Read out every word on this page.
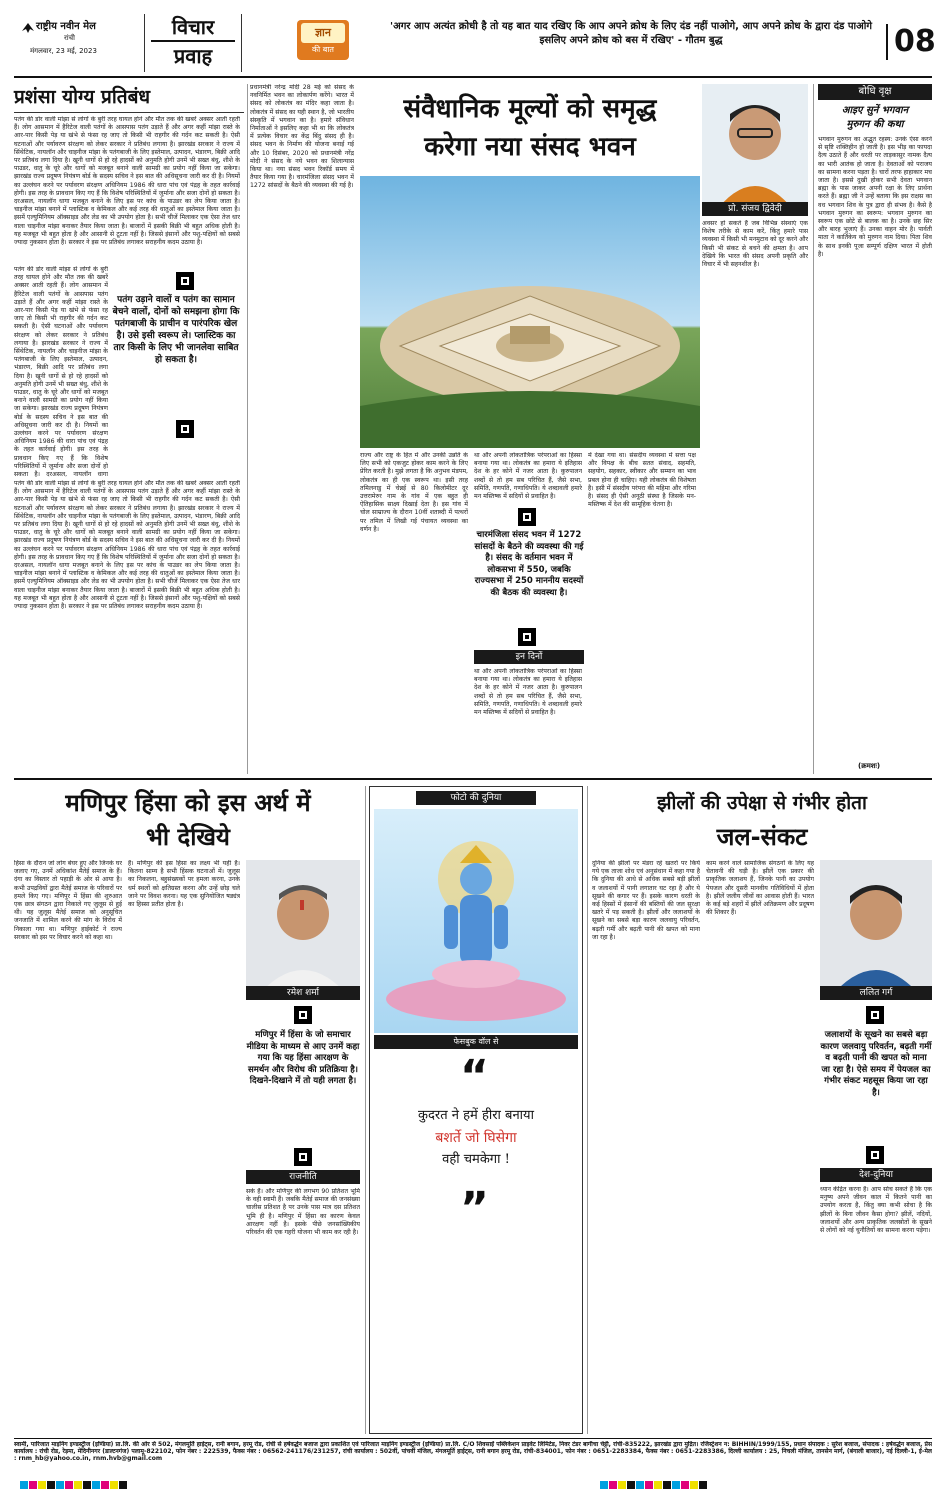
राष्ट्रीय नवीन मेल
रांची
मंगलवार, 23 मई, 2023
विचार
प्रवाह
ज्ञान
की बात
'अगर आप अत्यंत क्रोधी है तो यह बात याद रखिए कि आप अपने क्रोध के लिए दंड नहीं पाओगे, आप अपने क्रोध के द्वारा दंड पाओगे इसलिए अपने क्रोध को बस में रखिए' - गौतम बुद्ध	08
प्रशंसा योग्य प्रतिबंध
पतंग की डोर वाली मांझा से लोगों के बुरी तरह घायल होने और मौत तक की खबरें अक्सर आती रहती हैं। लोग आसमान में हैरिटेज वाली पतंगों के आसपास पतंग उड़ाते हैं और अगर कहीं मांझा रास्ते के आर-पार किसी पेड़ या खंभे से फंसा रह जाए तो किसी भी राहगीर की गर्दन कट सकती है। ऐसी घटनाओं और पर्यावरण संरक्षण को लेकर सरकार ने प्रतिबंध लगाया है। झारखंड सरकार ने राज्य में सिंथेटिक, नायलॉन और चाइनीज मांझा के पतंगबाजी के लिए इस्तेमाल, उत्पादन, भंडारण, बिक्री आदि पर प्रतिबंध लगा दिया है। खूनी धागों से हो रहे हादसों को अनुमति होगी उनमें भी सख्त बंधु, शीशे के पाउडर, धातु के चूरे और धागों को मजबूत बनाने वाली सामग्री का प्रयोग नहीं किया जा सकेगा। झारखंड राज्य प्रदूषण नियंत्रण बोर्ड के सदस्य सचिव ने इस बात की अधिसूचना जारी कर दी है। नियमों का उल्लंघन करने पर पर्यावरण संरक्षण अधिनियम 1986 की धारा पांच एवं पंद्रह के तहत कार्रवाई होगी। इस तरह के प्रावधान किए गए हैं कि विशेष परिस्थितियों में जुर्माना और सजा दोनों हो सकता है। दरअसल, नायलॉन धागा मजबूत बनाने के लिए इस पर कांच के पाउडर का लेप किया जाता है। चाइनीज मांझा बनाने में प्लास्टिक व केमिकल और कई तरह की धातुओं का इस्तेमाल किया जाता है। इसमें एल्युमिनियम ऑक्साइड और लेड का भी उपयोग होता है। सभी चीजें मिलाकर एक ऐसा तेज धार वाला चाइनीज मांझा बनाकर तैयार किया जाता है। बाजारों में इसकी बिक्री भी बहुत अधिक होती है। यह मजबूत भी बहुत होता है और आसानी से टूटता नहीं है। जिससे इंसानों और पशु-पक्षियों को सबसे ज्यादा नुकसान होता है। सरकार ने इस पर प्रतिबंध लगाकर सराहनीय कदम उठाया है।
पतंग की डोर वाली मांझा से लोगों के बुरी तरह घायल होने और मौत तक की खबरें अक्सर आती रहती हैं। लोग आसमान में हैरिटेज वाली पतंगों के आसपास पतंग उड़ाते हैं और अगर कहीं मांझा रास्ते के आर-पार किसी पेड़ या खंभे से फंसा रह जाए तो किसी भी राहगीर की गर्दन कट सकती है। ऐसी घटनाओं और पर्यावरण संरक्षण को लेकर सरकार ने प्रतिबंध लगाया है। झारखंड सरकार ने राज्य में सिंथेटिक, नायलॉन और चाइनीज मांझा के पतंगबाजी के लिए इस्तेमाल, उत्पादन, भंडारण, बिक्री आदि पर प्रतिबंध लगा दिया है। खूनी धागों से हो रहे हादसों को अनुमति होगी उनमें भी सख्त बंधु, शीशे के पाउडर, धातु के चूरे और धागों को मजबूत बनाने वाली सामग्री का प्रयोग नहीं किया जा सकेगा। झारखंड राज्य प्रदूषण नियंत्रण बोर्ड के सदस्य सचिव ने इस बात की अधिसूचना जारी कर दी है। नियमों का उल्लंघन करने पर पर्यावरण संरक्षण अधिनियम 1986 की धारा पांच एवं पंद्रह के तहत कार्रवाई होगी। इस तरह के प्रावधान किए गए हैं कि विशेष परिस्थितियों में जुर्माना और सजा दोनों हो सकता है। दरअसल, नायलॉन धागा
पतंग उड़ाने वालों व पतंग का सामान बेचने वालों, दोनों को समझना होगा कि पतंगबाजी के प्राचीन व पारंपरिक खेल है। उसे इसी स्वरूप ले। प्लास्टिक का तार किसी के लिए भी जानलेवा साबित हो सकता है।
पतंग की डोर वाली मांझा से लोगों के बुरी तरह घायल होने और मौत तक की खबरें अक्सर आती रहती हैं। लोग आसमान में हैरिटेज वाली पतंगों के आसपास पतंग उड़ाते हैं और अगर कहीं मांझा रास्ते के आर-पार किसी पेड़ या खंभे से फंसा रह जाए तो किसी भी राहगीर की गर्दन कट सकती है। ऐसी घटनाओं और पर्यावरण संरक्षण को लेकर सरकार ने प्रतिबंध लगाया है। झारखंड सरकार ने राज्य में सिंथेटिक, नायलॉन और चाइनीज मांझा के पतंगबाजी के लिए इस्तेमाल, उत्पादन, भंडारण, बिक्री आदि पर प्रतिबंध लगा दिया है। खूनी धागों से हो रहे हादसों को अनुमति होगी उनमें भी सख्त बंधु, शीशे के पाउडर, धातु के चूरे और धागों को मजबूत बनाने वाली सामग्री का प्रयोग नहीं किया जा सकेगा। झारखंड राज्य प्रदूषण नियंत्रण बोर्ड के सदस्य सचिव ने इस बात की अधिसूचना जारी कर दी है। नियमों का उल्लंघन करने पर पर्यावरण संरक्षण अधिनियम 1986 की धारा पांच एवं पंद्रह के तहत कार्रवाई होगी। इस तरह के प्रावधान किए गए हैं कि विशेष परिस्थितियों में जुर्माना और सजा दोनों हो सकता है। दरअसल, नायलॉन धागा मजबूत बनाने के लिए इस पर कांच के पाउडर का लेप किया जाता है। चाइनीज मांझा बनाने में प्लास्टिक व केमिकल और कई तरह की धातुओं का इस्तेमाल किया जाता है। इसमें एल्युमिनियम ऑक्साइड और लेड का भी उपयोग होता है। सभी चीजें मिलाकर एक ऐसा तेज धार वाला चाइनीज मांझा बनाकर तैयार किया जाता है। बाजारों में इसकी बिक्री भी बहुत अधिक होती है। यह मजबूत भी बहुत होता है और आसानी से टूटता नहीं है। जिससे इंसानों और पशु-पक्षियों को सबसे ज्यादा नुकसान होता है। सरकार ने इस पर प्रतिबंध लगाकर सराहनीय कदम उठाया है।
प्रधानमंत्री नरेन्द्र मोदी 28 मई को संसद के नवनिर्मित भवन का लोकार्पण करेंगे। भारत में संसद को लोकतंत्र का मंदिर कहा जाता है। लोकतंत्र में संसद का यही स्थान है, जो भारतीय संस्कृति में भगवान का है। हमारे संविधान निर्माताओं ने इसलिए कहा भी था कि लोकतंत्र में प्रत्येक विचार का केंद्र बिंदु संसद ही है। संसद भवन के निर्माण की योजना बनाई गई और 10 दिसंबर, 2020 को प्रधानमंत्री नरेंद्र मोदी ने संसद के नये भवन का शिलान्यास किया था। नया संसद भवन रिकॉर्ड समय में तैयार किया गया है। चारमंजिला संसद भवन में 1272 सांसदों के बैठने की व्यवस्था की गई है।
संवैधानिक मूल्यों को समृद्ध
करेगा नया संसद भवन
प्रो. संजय द्विवेदी
अवसर हो सकते हैं जब विभिन्न संस्थाएं एक विशेष तरीके से काम करें, किंतु हमारे पास व्यवस्था में किसी भी मनमुटाव को दूर करने और किसी भी संकट से बचने की क्षमता है। आप देखिये कि भारत की संसद अपनी प्रकृति और विचार में भी सहनशील है।
राज्य और राष्ट्र के हित में और उनकी उन्नति के लिए सभी को एकजुट होकर काम करने के लिए प्रेरित करती है। मुझे लगता है कि अनुभव मंडपम, लोकतंत्र का ही एक स्वरूप था। इसी तरह तमिलनाडु में चेन्नई से 80 किलोमीटर दूर उत्तरामेरुर नाम के गांव में एक बहुत ही ऐतिहासिक साक्ष्य दिखाई देता है। इस गांव में चोल साम्राज्य के दौरान 10वीं शताब्दी में पत्थरों पर तमिल में लिखी गई पंचायत व्यवस्था का वर्णन है।
था और अपनी लोकतांत्रिक परंपराओं का हिस्सा बनाया गया था। लोकतंत्र का हमारा ये इतिहास देश के हर कोने में नजर आता है। कुरुपालन शब्दों से तो हम सब परिचित हैं, जैसे सभा, समिति, गणपति, गणाधिपति। ये शब्दावली हमारे मन मस्तिष्क में सदियों से प्रवाहित है।
चारमंजिला संसद भवन में 1272 सांसदों के बैठने की व्यवस्था की गई है। संसद के वर्तमान भवन में लोकसभा में 550, जबकि राज्यसभा में 250 माननीय सदस्यों की बैठक की व्यवस्था है।
इन दिनों
था और अपनी लोकतांत्रिक परंपराओं का हिस्सा बनाया गया था। लोकतंत्र का हमारा ये इतिहास देश के हर कोने में नजर आता है। कुरुपालन शब्दों से तो हम सब परिचित हैं, जैसे सभा, समिति, गणपति, गणाधिपति। ये शब्दावली हमारे मन मस्तिष्क में सदियों से प्रवाहित है।
में देखा गया था। संसदीय व्यवस्था में सत्ता पक्ष और विपक्ष के बीच सतत संवाद, सहमति, सहयोग, सहकार, स्वीकार और सम्मान का भाव प्रबल होना ही चाहिए। यही लोकतंत्र की विशेषता है। इसी में संसदीय परंपरा की महिमा और गरिमा है। संसद ही ऐसी अनूठी संस्था है जिसके मन-मस्तिष्क में देश की सामूहिक चेतना है।
बोधि वृक्ष
आइए सुनें भगवान
मुरुगन की कथा
भगवान मुरुगन का अद्भुत रहस्य: उनके ऐसा करने से सृष्टि शक्तिहीन हो जाती है। इस भीड़ का फायदा दैत्य उठाते हैं और धरती पर ताड़कासुर नामक दैत्य का भारी आतंक हो जाता है। देवताओं को पराजय का सामना करना पड़ता है। चारों तरफ हाहाकार मच जाता है। इससे दुखी होकर सभी देवता भगवान ब्रह्मा के पास जाकर अपनी रक्षा के लिए प्रार्थना करते हैं। ब्रह्मा जी ने उन्हें बताया कि इस राक्षस का वध भगवान शिव के पुत्र द्वारा ही संभव है। कैसे है भगवान मुरुगन का स्वरूप: भगवान मुरुगन का स्वरूप एक छोटे से बालक का है। उनके छह सिर और बारह भुजाएं हैं। उनका वाहन मोर है। पार्वती माता ने कार्तिकेय को मुरुगन नाम दिया। पिता शिव के साथ इनकी पूजा सम्पूर्ण दक्षिण भारत में होती है।
(क्रमशः)
मणिपुर हिंसा को इस अर्थ में
भी देखिये
हिंसा के दौरान जो लोग बेघर हुए और जिनके घर जलाए गए, उनमें अधिकांश मैतेई समाज के हैं। दंगा का विस्तार तो पहाड़ी के ओर से आया है। कभी उपद्रवियों द्वारा मैतेई समाज के परिवारों पर हमले किए गए। मणिपुर में हिंसा की शुरुआत एक छात्र संगठन द्वारा निकाले गए जुलूस से हुई थी। यह जुलूस मैतेई समाज को अनुसूचित जनजाति में शामिल करने की मांग के विरोध में निकाला गया था। मणिपुर हाईकोर्ट ने राज्य सरकार को इस पर विचार करने को कहा था।
हैं। मणिपुर की इस हिंसा का लक्ष्य भी यही है। कितना साम्य है सभी हिंसक घटनाओं में। जुलूस का निकलना, बहुसंख्यकों पर हमला करना, उनके धर्म स्थलों को क्षतिग्रस्त करना और उन्हें छोड़ चले जाने पर विवश करना। यह एक सुनियोजित षड्यंत्र का हिस्सा प्रतीत होता है।
रमेश शर्मा
मणिपुर में हिंसा के जो समाचार मीडिया के माध्यम से आए उनमें कहा गया कि यह हिंसा आरक्षण के समर्थन और विरोध की प्रतिक्रिया है। दिखने-दिखाने में तो यही लगता है।
राजनीति
सके हैं। और मणिपुर की लगभग 90 प्रतिशत भूमि के वही स्वामी हैं। जबकि मैतेई समाज की जनसंख्या चालीस प्रतिशत है पर उनके पास मात्र दस प्रतिशत भूमि ही है। मणिपुर में हिंसा का कारण केवल आरक्षण नहीं है। इसके पीछे जनसांख्यिकीय परिवर्तन की एक गहरी योजना भी काम कर रही है।
फोटो की दुनिया
फेसबुक वॉल से
“
कुदरत ने हमें हीरा बनाया
बशर्ते जो घिसेगा
वही चमकेगा !
”
झीलों की उपेक्षा से गंभीर होता
जल-संकट
दुनिया की झीलों पर मंडरा रहे खतरों पर किये गये एक ताजा शोध एवं अनुसंधान में कहा गया है कि दुनिया की आधे से अधिक सबसे बड़ी झीलों व जलाशयों में पानी लगातार घट रहा है और ये सूखने की कगार पर हैं। इसके कारण धरती के कई हिस्सों में इंसानों की बस्तियों की जल सुरक्षा खतरे में पड़ सकती है। झीलों और जलाशयों के सूखने का सबसे बड़ा कारण जलवायु परिवर्तन, बढ़ती गर्मी और बढ़ती पानी की खपत को माना जा रहा है।
काम करने वाले सामाजिक संगठनों के लिए यह चेतावनी की घड़ी है। झीलें एक प्रकार की प्राकृतिक जलाशय हैं, जिनके पानी का उपयोग पेयजल और दूसरी मानवीय गतिविधियों में होता है। झीलें जलीय जीवों का आवास होती हैं। भारत के कई बड़े शहरों में झीलें अतिक्रमण और प्रदूषण की शिकार हैं।
ललित गर्ग
जलाशयों के सूखने का सबसे बड़ा कारण जलवायु परिवर्तन, बढ़ती गर्मी व बढ़ती पानी की खपत को माना जा रहा है। ऐसे समय में पेयजल का गंभीर संकट महसूस किया जा रहा है।
देश-दुनिया
ध्यान केंद्रित करना है। आप सोच सकते हैं कि एक मनुष्य अपने जीवन काल में कितने पानी का उपयोग करता है, किंतु क्या कभी सोचा है कि झीलों के बिना जीवन कैसा होगा? झीलें, नदियों, जलाशयों और अन्य प्राकृतिक जलस्रोतों के सूखने से लोगों को नई चुनौतियों का सामना करना पड़ेगा।
स्वामी, पारिजात माइनिंग इण्डस्ट्रीज (इण्डिया) प्रा.लि. की ओर से 502, मंगलमूर्ति हाईट्स, रानी बगान, हरमू रोड, रांची से हर्षवर्द्धन बजाज द्वारा प्रकाशित एवं पारिजात माइनिंग इण्डस्ट्रीज (इण्डिया) प्रा.लि. C/O शिवसाईं पब्लिकेशन प्राइवेट लिमिटेड, निवर टंडर बागीचा चेट्टी, रांची-835222, झारखंड द्वारा मुद्रित। रजिस्ट्रेशन न: BIHHIN/1999/155, प्रधान संपादक : सुरेश बजाज, संपादक : हर्षवर्द्धन बजाज, प्रेस कार्यालय : रांची रोड, रेड़मा, मेदिनीनगर (डाल्टनगंज) पलामू-822102, फोन नंबर : 222539, फैक्स नंबर : 06562-241176/231257, रांची कार्यालय : 502वीं, पांचवीं मंजिल, मंगलमूर्ति हाईट्स, रानी बगान हरमू रोड, रांची-834001, फोन नंबर : 0651-2283384, फैक्स नंबर : 0651-2283386, दिल्ली कार्यालय : 25, निचली मंजिल, तानसेन मार्ग, (बंगाली बाजार), नई दिल्ली-1, ई-मेल : rnm_hb@yahoo.co.in, rnm.hvb@gmail.com
